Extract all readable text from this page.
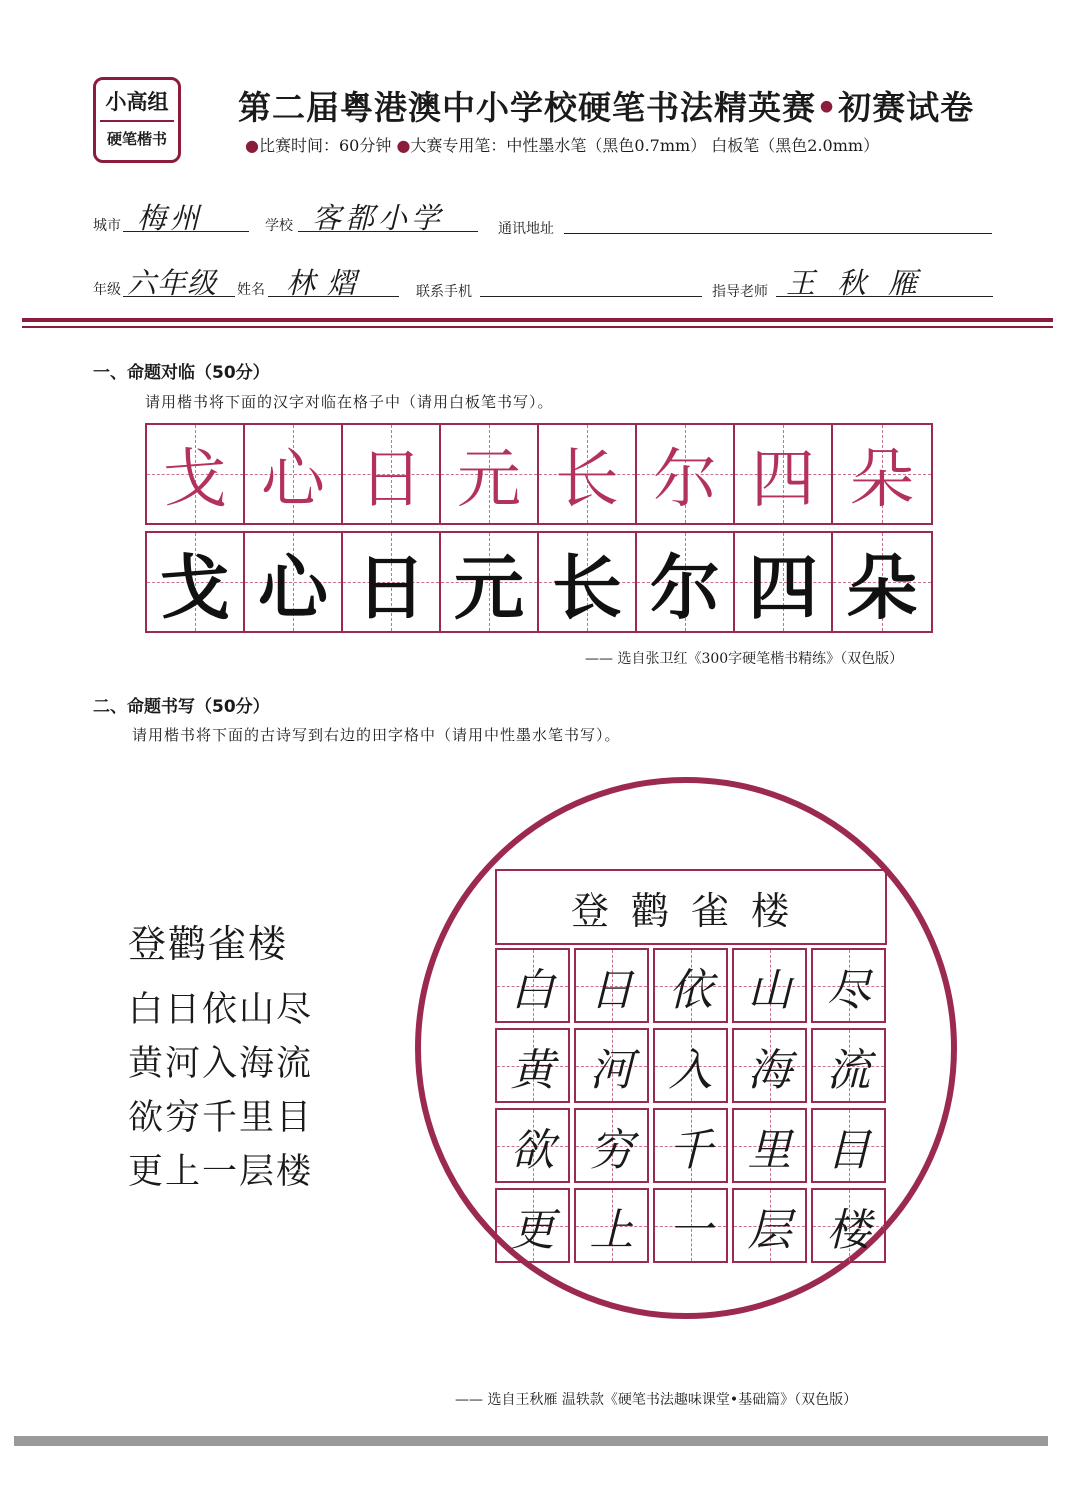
小高组
硬笔楷书
第二届粤港澳中小学校硬笔书法精英赛•初赛试卷
●比赛时间：60分钟 ●大赛专用笔：中性墨水笔（黑色0.7mm） 白板笔（黑色2.0mm）
城市 梅州	学校 客都小学	通讯地址
年级 六年级	姓名 林熠	联系手机	指导老师 王秋雁
一、命题对临（50分）
请用楷书将下面的汉字对临在格子中（请用白板笔书写）。
戈 心 日 元 长 尔 四 朵
戈 心 日 元 长 尔 四 朵
—— 选自张卫红《300字硬笔楷书精练》（双色版）
二、命题书写（50分）
请用楷书将下面的古诗写到右边的田字格中（请用中性墨水笔书写）。
登鹳雀楼
白日依山尽
黄河入海流
欲穷千里目
更上一层楼
登鹳雀楼
白 日 依 山 尽
黄 河 入 海 流
欲 穷 千 里 目
更 上 一 层 楼
—— 选自王秋雁 温轶款《硬笔书法趣味课堂•基础篇》（双色版）
